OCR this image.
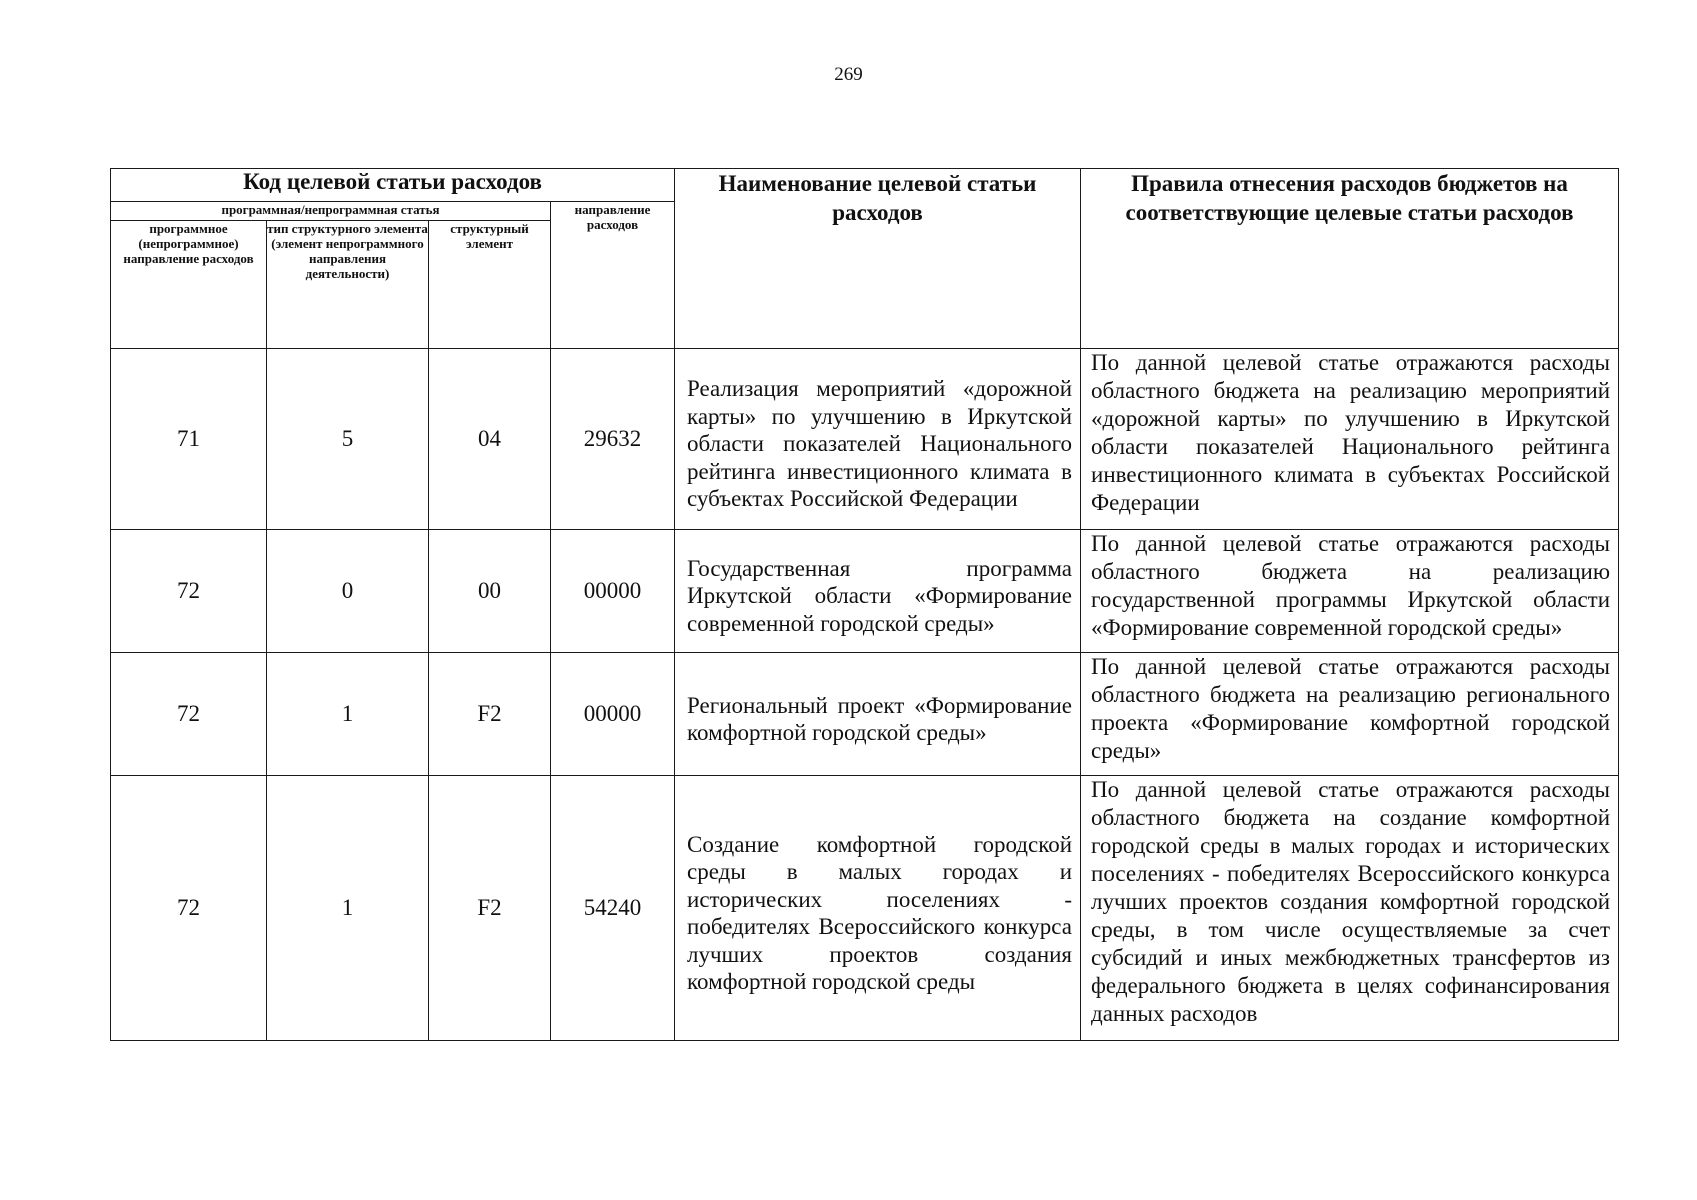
269
Код целевой статьи расходов				Наименование целевой статьи расходов	Правила отнесения расходов бюджетов на соответствующие целевые статьи расходов
программная/непрограммная статья			направление расходов		
программное (непрограммное) направление расходов	тип структурного элемента (элемент непрограммного направления деятельности)	структурный элемент			
71	5	04	29632	Реализация мероприятий «дорожной карты» по улучшению в Иркутской области показателей Национального рейтинга инвестиционного климата в субъектах Российской Федерации	По данной целевой статье отражаются расходы областного бюджета на реализацию мероприятий «дорожной карты» по улучшению в Иркутской области показателей Национального рейтинга инвестиционного климата в субъектах Российской Федерации
72	0	00	00000	Государственная программа Иркутской области «Формирование современной городской среды»	По данной целевой статье отражаются расходы областного бюджета на реализацию государственной программы Иркутской области «Формирование современной городской среды»
72	1	F2	00000	Региональный проект «Формирование комфортной городской среды»	По данной целевой статье отражаются расходы областного бюджета на реализацию регионального проекта «Формирование комфортной городской среды»
72	1	F2	54240	Создание комфортной городской среды в малых городах и исторических поселениях - победителях Всероссийского конкурса лучших проектов создания комфортной городской среды	По данной целевой статье отражаются расходы областного бюджета на создание комфортной городской среды в малых городах и исторических поселениях - победителях Всероссийского конкурса лучших проектов создания комфортной городской среды, в том числе осуществляемые за счет субсидий и иных межбюджетных трансфертов из федерального бюджета в целях софинансирования данных расходов
